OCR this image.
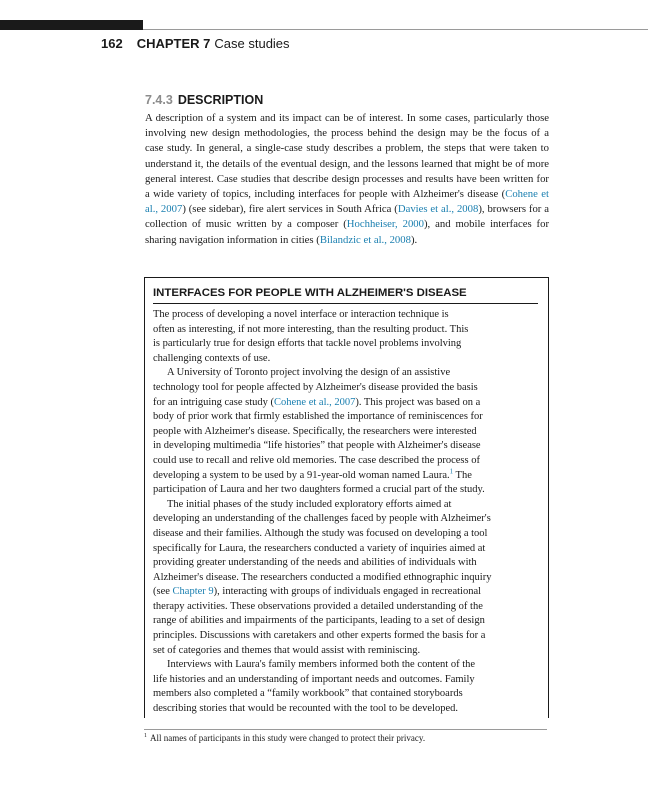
162 CHAPTER 7 Case studies
7.4.3 DESCRIPTION

A description of a system and its impact can be of interest. In some cases, particularly those involving new design methodologies, the process behind the design may be the focus of a case study. In general, a single-case study describes a problem, the steps that were taken to understand it, the details of the eventual design, and the lessons learned that might be of more general interest. Case studies that describe design processes and results have been written for a wide variety of topics, including interfaces for people with Alzheimer's disease (Cohene et al., 2007) (see sidebar), fire alert services in South Africa (Davies et al., 2008), browsers for a collection of music written by a composer (Hochheiser, 2000), and mobile interfaces for sharing navigation information in cities (Bilandzic et al., 2008).

INTERFACES FOR PEOPLE WITH ALZHEIMER'S DISEASE

The process of developing a novel interface or interaction technique is
often as interesting, if not more interesting, than the resulting product. This
is particularly true for design efforts that tackle novel problems involving
challenging contexts of use.

A University of Toronto project involving the design of an assistive
technology tool for people affected by Alzheimer's disease provided the basis
for an intriguing case study (Cohene et al., 2007). This project was based on a
body of prior work that firmly established the importance of reminiscences for
people with Alzheimer's disease. Specifically, the researchers were interested
in developing multimedia “life histories” that people with Alzheimer's disease
could use to recall and relive old memories. The case described the process of
developing a system to be used by a 91-year-old woman named Laura.$^1$ The
participation of Laura and her two daughters formed a crucial part of the study.

The initial phases of the study included exploratory efforts aimed at
developing an understanding of the challenges faced by people with Alzheimer's
disease and their families. Although the study was focused on developing a tool
specifically for Laura, the researchers conducted a variety of inquiries aimed at
providing greater understanding of the needs and abilities of individuals with
Alzheimer's disease. The researchers conducted a modified ethnographic inquiry
(see Chapter 9), interacting with groups of individuals engaged in recreational
therapy activities. These observations provided a detailed understanding of the
range of abilities and impairments of the participants, leading to a set of design
principles. Discussions with caretakers and other experts formed the basis for a
set of categories and themes that would assist with reminiscing.

Interviews with Laura's family members informed both the content of the
life histories and an understanding of important needs and outcomes. Family
members also completed a “family workbook” that contained storyboards
describing stories that would be recounted with the tool to be developed.

$^1$ All names of participants in this study were changed to protect their privacy.
